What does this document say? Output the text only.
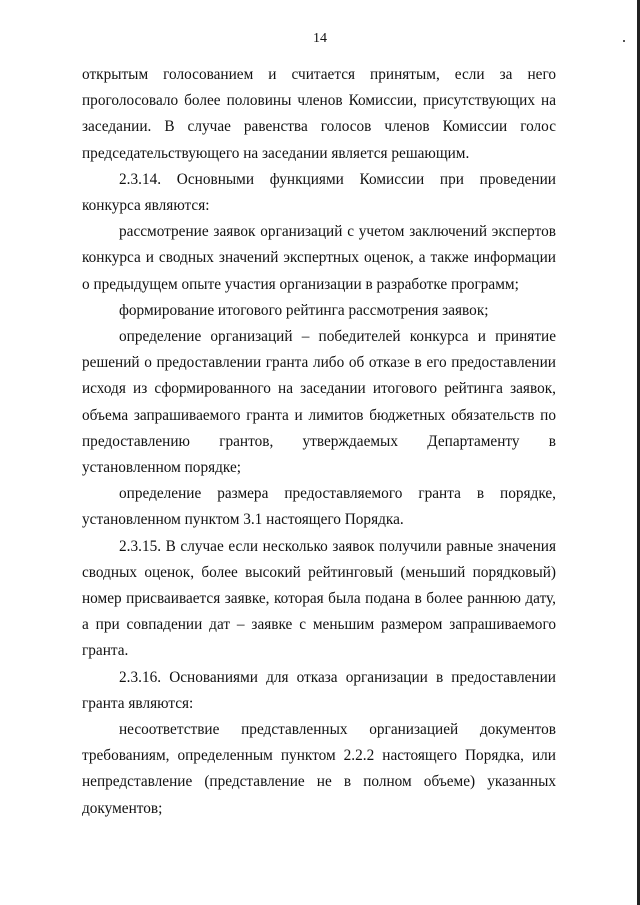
14

открытым голосованием и считается принятым, если за него проголосовало более половины членов Комиссии, присутствующих на заседании. В случае равенства голосов членов Комиссии голос председательствующего на заседании является решающим.

2.3.14. Основными функциями Комиссии при проведении конкурса являются:

рассмотрение заявок организаций с учетом заключений экспертов конкурса и сводных значений экспертных оценок, а также информации о предыдущем опыте участия организации в разработке программ;

формирование итогового рейтинга рассмотрения заявок;

определение организаций – победителей конкурса и принятие решений о предоставлении гранта либо об отказе в его предоставлении исходя из сформированного на заседании итогового рейтинга заявок, объема запрашиваемого гранта и лимитов бюджетных обязательств по предоставлению грантов, утверждаемых Департаменту в установленном порядке;

определение размера предоставляемого гранта в порядке, установленном пунктом 3.1 настоящего Порядка.

2.3.15. В случае если несколько заявок получили равные значения сводных оценок, более высокий рейтинговый (меньший порядковый) номер присваивается заявке, которая была подана в более раннюю дату, а при совпадении дат – заявке с меньшим размером запрашиваемого гранта.

2.3.16. Основаниями для отказа организации в предоставлении гранта являются:

несоответствие представленных организацией документов требованиям, определенным пунктом 2.2.2 настоящего Порядка, или непредставление (представление не в полном объеме) указанных документов;
